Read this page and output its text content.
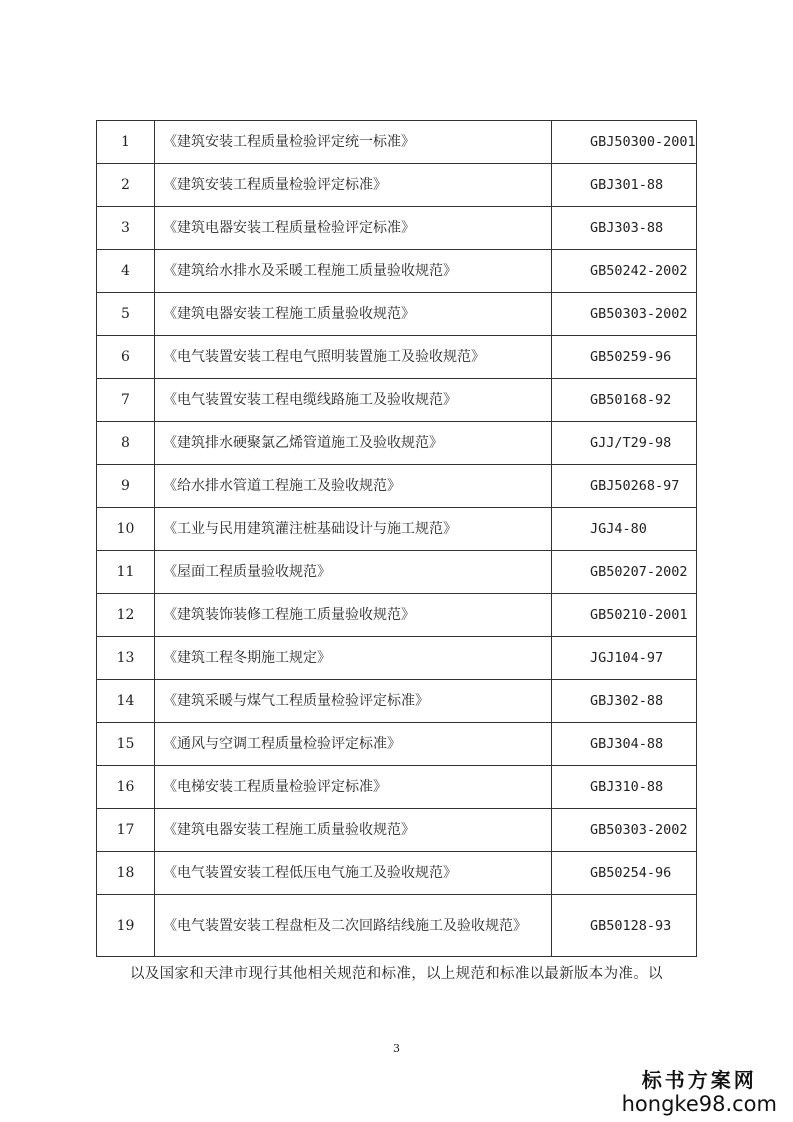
1	《建筑安装工程质量检验评定统一标准》	GBJ50300-2001
2	《建筑安装工程质量检验评定标准》	GBJ301-88
3	《建筑电器安装工程质量检验评定标准》	GBJ303-88
4	《建筑给水排水及采暖工程施工质量验收规范》	GB50242-2002
5	《建筑电器安装工程施工质量验收规范》	GB50303-2002
6	《电气装置安装工程电气照明装置施工及验收规范》	GB50259-96
7	《电气装置安装工程电缆线路施工及验收规范》	GB50168-92
8	《建筑排水硬聚氯乙烯管道施工及验收规范》	GJJ/T29-98
9	《给水排水管道工程施工及验收规范》	GBJ50268-97
10	《工业与民用建筑灌注桩基础设计与施工规范》	JGJ4-80
11	《屋面工程质量验收规范》	GB50207-2002
12	《建筑装饰装修工程施工质量验收规范》	GB50210-2001
13	《建筑工程冬期施工规定》	JGJ104-97
14	《建筑采暖与煤气工程质量检验评定标准》	GBJ302-88
15	《通风与空调工程质量检验评定标准》	GBJ304-88
16	《电梯安装工程质量检验评定标准》	GBJ310-88
17	《建筑电器安装工程施工质量验收规范》	GB50303-2002
18	《电气装置安装工程低压电气施工及验收规范》	GB50254-96
19	《电气装置安装工程盘柜及二次回路结线施工及验收规范》	GB50128-93
以及国家和天津市现行其他相关规范和标准，以上规范和标准以最新版本为准。以
3
标书方案网
hongke98.com
